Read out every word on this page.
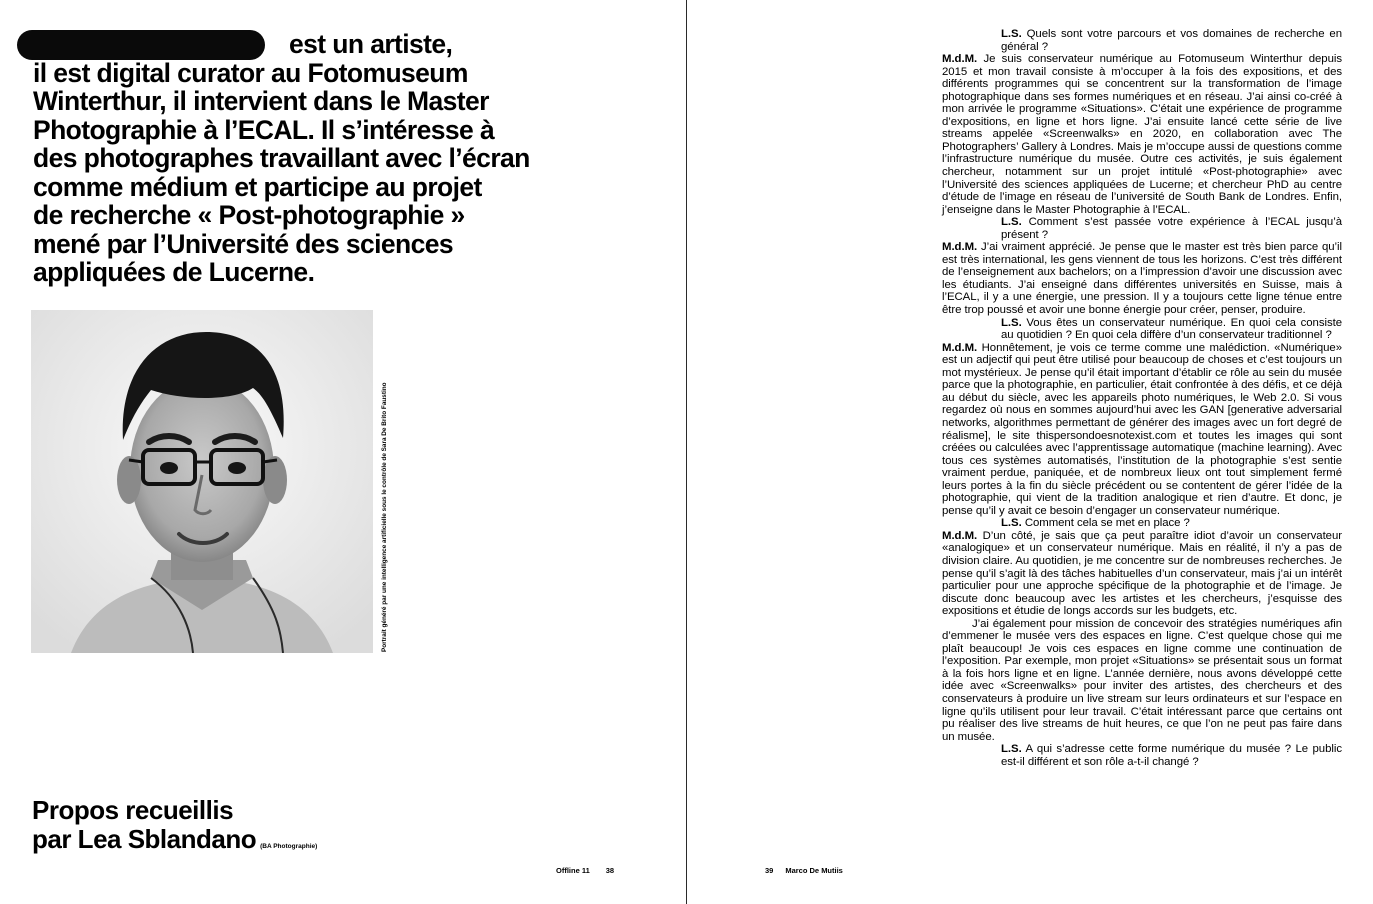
est un artiste,
il est digital curator au Fotomuseum
Winterthur, il intervient dans le Master
Photographie à l’ECAL. Il s’intéresse à
des photographes travaillant avec l’écran
comme médium et participe au projet
de recherche « Post-photographie »
mené par l’Université des sciences
appliquées de Lucerne.

Portrait généré par une intelligence artificielle sous le contrôle de Sara De Brito Faustino
Propos recueillis
par Lea Sblandano (BA Photographie)
Offline 11 38

L.S. Quels sont votre parcours et vos domaines de recherche en général ?

M.d.M. Je suis conservateur numérique au Fotomuseum Winterthur depuis 2015 et mon travail consiste à m’occuper à la fois des expositions, et des différents programmes qui se concentrent sur la transformation de l’image photographique dans ses formes numériques et en réseau. J’ai ainsi co-créé à mon arrivée le programme «Situations». C’était une expérience de programme d’expositions, en ligne et hors ligne. J’ai ensuite lancé cette série de live streams appelée «Screenwalks» en 2020, en collaboration avec The Photographers’ Gallery à Londres. Mais je m’occupe aussi de questions comme l’infrastructure numérique du musée. Outre ces activités, je suis également chercheur, notamment sur un projet intitulé «Post-photographie» avec l’Université des sciences appliquées de Lucerne; et chercheur PhD au centre d’étude de l’image en réseau de l’université de South Bank de Londres. Enfin, j’enseigne dans le Master Photographie à l’ECAL.

L.S. Comment s’est passée votre expérience à l’ECAL jusqu’à présent ?

M.d.M. J’ai vraiment apprécié. Je pense que le master est très bien parce qu’il est très international, les gens viennent de tous les horizons. C’est très différent de l’enseignement aux bachelors; on a l’impression d’avoir une discussion avec les étudiants. J’ai enseigné dans différentes universités en Suisse, mais à l’ECAL, il y a une énergie, une pression. Il y a toujours cette ligne ténue entre être trop poussé et avoir une bonne énergie pour créer, penser, produire.

L.S. Vous êtes un conservateur numérique. En quoi cela consiste au quotidien ? En quoi cela diffère d’un conservateur traditionnel ?

M.d.M. Honnêtement, je vois ce terme comme une malédiction. «Numérique» est un adjectif qui peut être utilisé pour beaucoup de choses et c’est toujours un mot mystérieux. Je pense qu’il était important d’établir ce rôle au sein du musée parce que la photographie, en particulier, était confrontée à des défis, et ce déjà au début du siècle, avec les appareils photo numériques, le Web 2.0. Si vous regardez où nous en sommes aujourd’hui avec les GAN [generative adversarial networks, algorithmes permettant de générer des images avec un fort degré de réalisme], le site thispersondoesnotexist.com et toutes les images qui sont créées ou calculées avec l’apprentissage automatique (machine learning). Avec tous ces systèmes automatisés, l’institution de la photographie s’est sentie vraiment perdue, paniquée, et de nombreux lieux ont tout simplement fermé leurs portes à la fin du siècle précédent ou se contentent de gérer l’idée de la photographie, qui vient de la tradition analogique et rien d’autre. Et donc, je pense qu’il y avait ce besoin d’engager un conservateur numérique.

L.S. Comment cela se met en place ?

M.d.M. D’un côté, je sais que ça peut paraître idiot d’avoir un conservateur «analogique» et un conservateur numérique. Mais en réalité, il n’y a pas de division claire. Au quotidien, je me concentre sur de nombreuses recherches. Je pense qu’il s’agit là des tâches habituelles d’un conservateur, mais j’ai un intérêt particulier pour une approche spécifique de la photographie et de l’image. Je discute donc beaucoup avec les artistes et les chercheurs, j’esquisse des expositions et étudie de longs accords sur les budgets, etc.

J’ai également pour mission de concevoir des stratégies numériques afin d’emmener le musée vers des espaces en ligne. C’est quelque chose qui me plaît beaucoup! Je vois ces espaces en ligne comme une continuation de l’exposition. Par exemple, mon projet «Situations» se présentait sous un format à la fois hors ligne et en ligne. L’année dernière, nous avons développé cette idée avec «Screenwalks» pour inviter des artistes, des chercheurs et des conservateurs à produire un live stream sur leurs ordinateurs et sur l’espace en ligne qu’ils utilisent pour leur travail. C’était intéressant parce que certains ont pu réaliser des live streams de huit heures, ce que l’on ne peut pas faire dans un musée.

L.S. A qui s’adresse cette forme numérique du musée ? Le public est-il différent et son rôle a-t-il changé ?

39 Marco De Mutiis
